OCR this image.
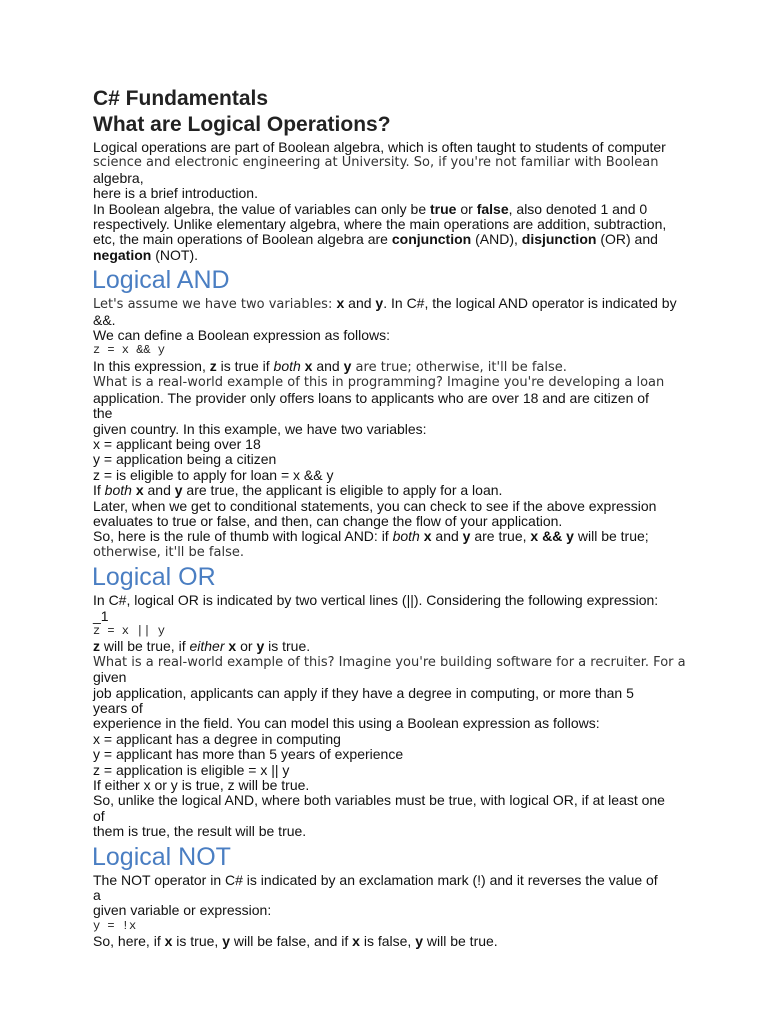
C# Fundamentals
What are Logical Operations?
Logical operations are part of Boolean algebra, which is often taught to students of computer
science and electronic engineering at University. So, if you're not familiar with Boolean
algebra,
here is a brief introduction.
In Boolean algebra, the value of variables can only be true or false, also denoted 1 and 0
respectively. Unlike elementary algebra, where the main operations are addition, subtraction,
etc, the main operations of Boolean algebra are conjunction (AND), disjunction (OR) and
negation (NOT).
Logical AND
Let's assume we have two variables: x and y. In C#, the logical AND operator is indicated by
&&.
We can define a Boolean expression as follows:
z = x && y
In this expression, z is true if both x and y are true; otherwise, it'll be false.
What is a real-world example of this in programming? Imagine you're developing a loan
application. The provider only offers loans to applicants who are over 18 and are citizen of
the
given country. In this example, we have two variables:
x = applicant being over 18
y = application being a citizen
z = is eligible to apply for loan = x && y
If both x and y are true, the applicant is eligible to apply for a loan.
Later, when we get to conditional statements, you can check to see if the above expression
evaluates to true or false, and then, can change the flow of your application.
So, here is the rule of thumb with logical AND: if both x and y are true, x && y will be true;
otherwise, it'll be false.
Logical OR
In C#, logical OR is indicated by two vertical lines (||). Considering the following expression:
_1
z = x || y
z will be true, if either x or y is true.
What is a real-world example of this? Imagine you're building software for a recruiter. For a
given
job application, applicants can apply if they have a degree in computing, or more than 5
years of
experience in the field. You can model this using a Boolean expression as follows:
x = applicant has a degree in computing
y = applicant has more than 5 years of experience
z = application is eligible = x || y
If either x or y is true, z will be true.
So, unlike the logical AND, where both variables must be true, with logical OR, if at least one
of
them is true, the result will be true.
Logical NOT
The NOT operator in C# is indicated by an exclamation mark (!) and it reverses the value of
a
given variable or expression:
y = !x
So, here, if x is true, y will be false, and if x is false, y will be true.
